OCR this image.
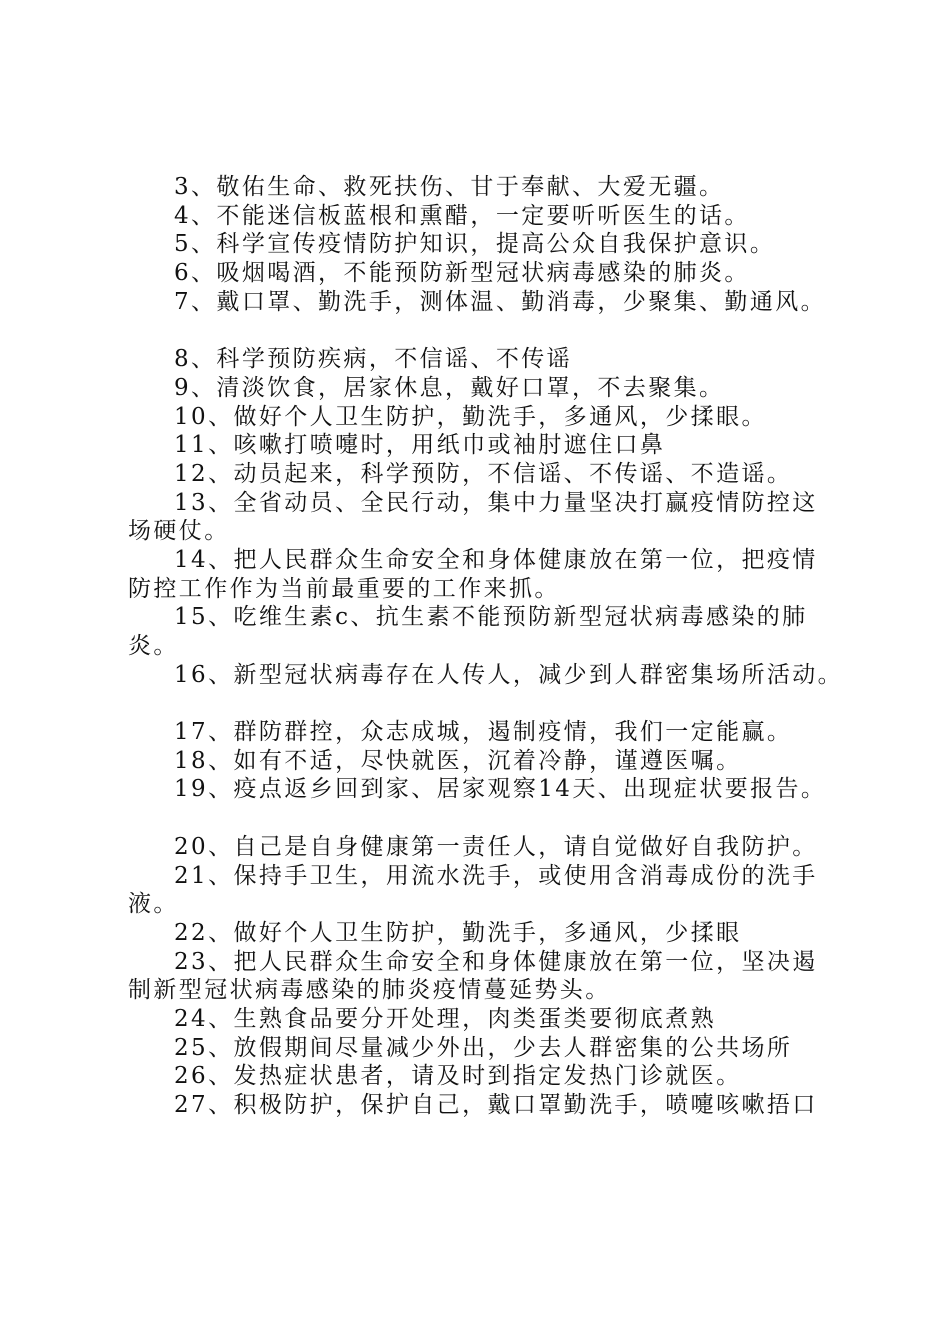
3、敬佑生命、救死扶伤、甘于奉献、大爱无疆。
4、不能迷信板蓝根和熏醋，一定要听听医生的话。
5、科学宣传疫情防护知识，提高公众自我保护意识。
6、吸烟喝酒，不能预防新型冠状病毒感染的肺炎。
7、戴口罩、勤洗手，测体温、勤消毒，少聚集、勤通风。
8、科学预防疾病，不信谣、不传谣
9、清淡饮食，居家休息，戴好口罩，不去聚集。
10、做好个人卫生防护，勤洗手，多通风，少揉眼。
11、咳嗽打喷嚏时，用纸巾或袖肘遮住口鼻
12、动员起来，科学预防，不信谣、不传谣、不造谣。
13、全省动员、全民行动，集中力量坚决打赢疫情防控这
场硬仗。
14、把人民群众生命安全和身体健康放在第一位，把疫情
防控工作作为当前最重要的工作来抓。
15、吃维生素c、抗生素不能预防新型冠状病毒感染的肺
炎。
16、新型冠状病毒存在人传人，减少到人群密集场所活动。
17、群防群控，众志成城，遏制疫情，我们一定能赢。
18、如有不适，尽快就医，沉着冷静，谨遵医嘱。
19、疫点返乡回到家、居家观察14天、出现症状要报告。
20、自己是自身健康第一责任人，请自觉做好自我防护。
21、保持手卫生，用流水洗手，或使用含消毒成份的洗手
液。
22、做好个人卫生防护，勤洗手，多通风，少揉眼
23、把人民群众生命安全和身体健康放在第一位，坚决遏
制新型冠状病毒感染的肺炎疫情蔓延势头。
24、生熟食品要分开处理，肉类蛋类要彻底煮熟
25、放假期间尽量减少外出，少去人群密集的公共场所
26、发热症状患者，请及时到指定发热门诊就医。
27、积极防护，保护自己，戴口罩勤洗手，喷嚏咳嗽捂口
